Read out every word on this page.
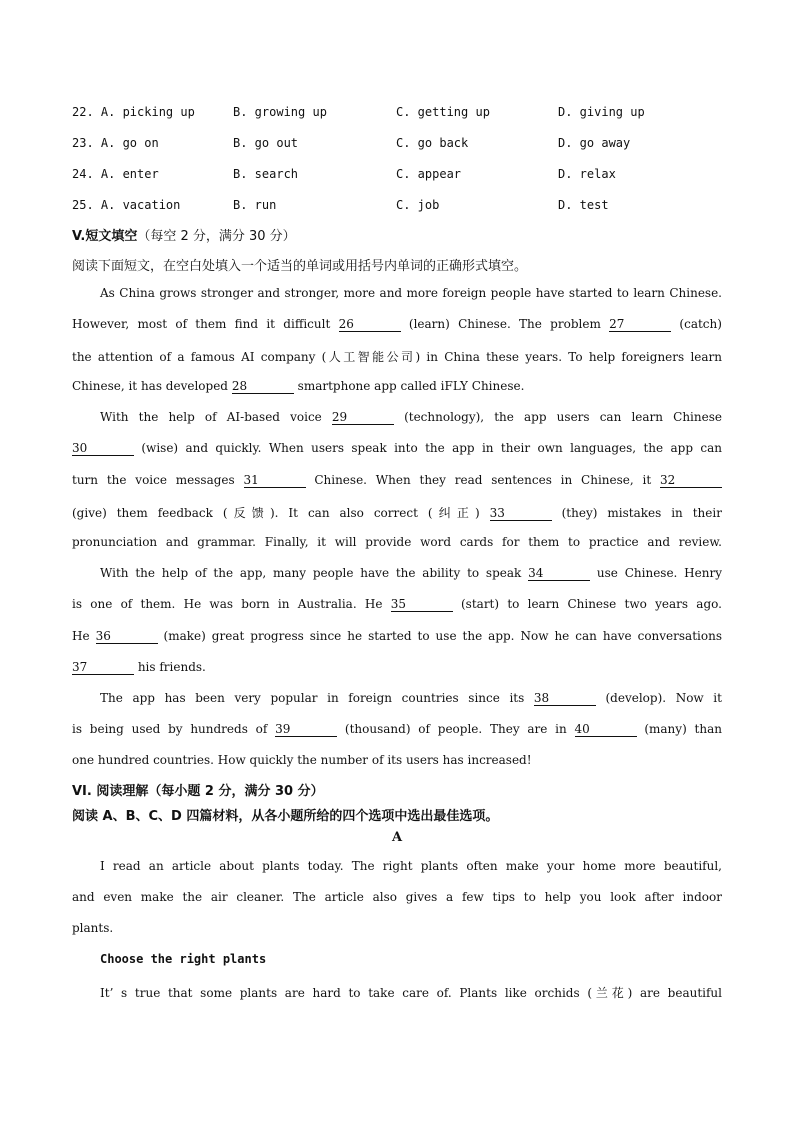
22. A. picking up	B. growing up	C. getting up	D. giving up
23. A. go on	B. go out	C. go back	D. go away
24. A. enter	B. search	C. appear	D. relax
25. A. vacation	B. run	C. job	D. test
V.短文填空（每空 2 分，满分 30 分）
阅读下面短文，在空白处填入一个适当的单词或用括号内单词的正确形式填空。
As China grows stronger and stronger, more and more foreign people have started to learn Chinese.
However, most of them find it difficult 26	(learn) Chinese. The problem 27	(catch)
the attention of a famous AI company (人工智能公司) in China these years. To help foreigners learn
Chinese, it has developed 28	smartphone app called iFLY Chinese.
With the help of AI-based voice 29	(technology), the app users can learn Chinese
30	(wise) and quickly. When users speak into the app in their own languages, the app can
turn the voice messages 31	Chinese. When they read sentences in Chinese, it 32
(give) them feedback (反馈). It can also correct (纠正) 33	(they) mistakes in their
pronunciation and grammar. Finally, it will provide word cards for them to practice and review.
With the help of the app, many people have the ability to speak 34	use Chinese. Henry
is one of them. He was born in Australia. He 35	(start) to learn Chinese two years ago.
He 36	(make) great progress since he started to use the app. Now he can have conversations
37	his friends.
The app has been very popular in foreign countries since its 38	(develop). Now it
is being used by hundreds of 39	(thousand) of people. They are in 40	(many) than
one hundred countries. How quickly the number of its users has increased!
VI. 阅读理解（每小题 2 分，满分 30 分）
阅读 A、B、C、D 四篇材料，从各小题所给的四个选项中选出最佳选项。
A
I read an article about plants today. The right plants often make your home more beautiful,
and even make the air cleaner. The article also gives a few tips to help you look after indoor
plants.
Choose the right plants
It’ s true that some plants are hard to take care of. Plants like orchids (兰花) are beautiful
